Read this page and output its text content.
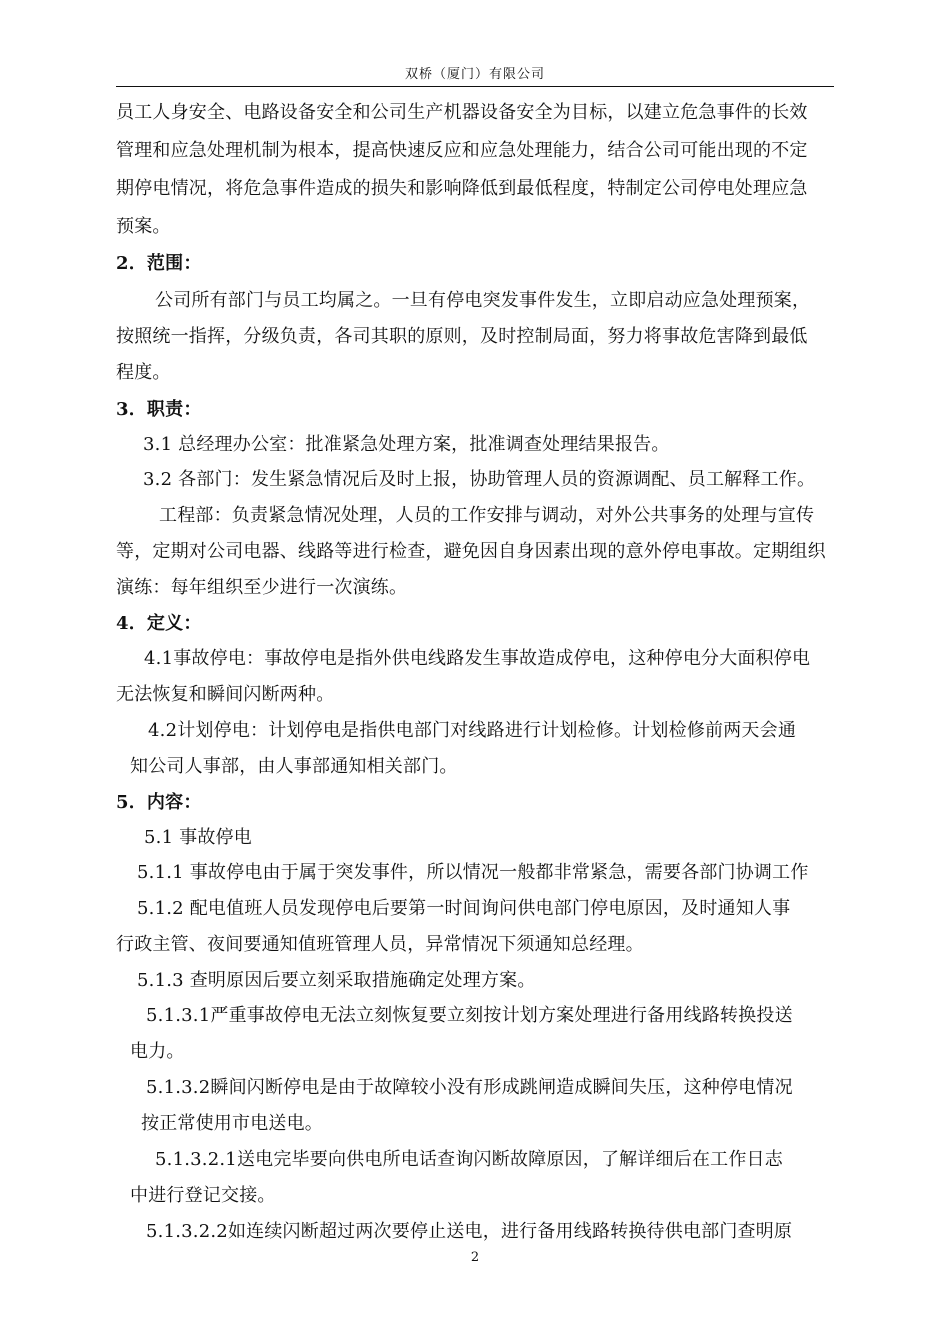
双桥（厦门）有限公司
员工人身安全、电路设备安全和公司生产机器设备安全为目标，以建立危急事件的长效
管理和应急处理机制为根本，提高快速反应和应急处理能力，结合公司可能出现的不定
期停电情况，将危急事件造成的损失和影响降低到最低程度，特制定公司停电处理应急
预案。
2．范围：
公司所有部门与员工均属之。一旦有停电突发事件发生，立即启动应急处理预案，
按照统一指挥，分级负责，各司其职的原则，及时控制局面，努力将事故危害降到最低
程度。
3．职责：
3.1 总经理办公室：批准紧急处理方案，批准调查处理结果报告。
3.2 各部门：发生紧急情况后及时上报，协助管理人员的资源调配、员工解释工作。
工程部：负责紧急情况处理，人员的工作安排与调动，对外公共事务的处理与宣传
等，定期对公司电器、线路等进行检查，避免因自身因素出现的意外停电事故。定期组织
演练：每年组织至少进行一次演练。
4．定义：
4.1事故停电：事故停电是指外供电线路发生事故造成停电，这种停电分大面积停电
无法恢复和瞬间闪断两种。
4.2计划停电：计划停电是指供电部门对线路进行计划检修。计划检修前两天会通
知公司人事部，由人事部通知相关部门。
5．内容：
5.1 事故停电
5.1.1 事故停电由于属于突发事件，所以情况一般都非常紧急，需要各部门协调工作
5.1.2 配电值班人员发现停电后要第一时间询问供电部门停电原因，及时通知人事
行政主管、夜间要通知值班管理人员，异常情况下须通知总经理。
5.1.3 查明原因后要立刻采取措施确定处理方案。
5.1.3.1严重事故停电无法立刻恢复要立刻按计划方案处理进行备用线路转换投送
电力。
5.1.3.2瞬间闪断停电是由于故障较小没有形成跳闸造成瞬间失压，这种停电情况
按正常使用市电送电。
5.1.3.2.1送电完毕要向供电所电话查询闪断故障原因，了解详细后在工作日志
中进行登记交接。
5.1.3.2.2如连续闪断超过两次要停止送电，进行备用线路转换待供电部门查明原
2
